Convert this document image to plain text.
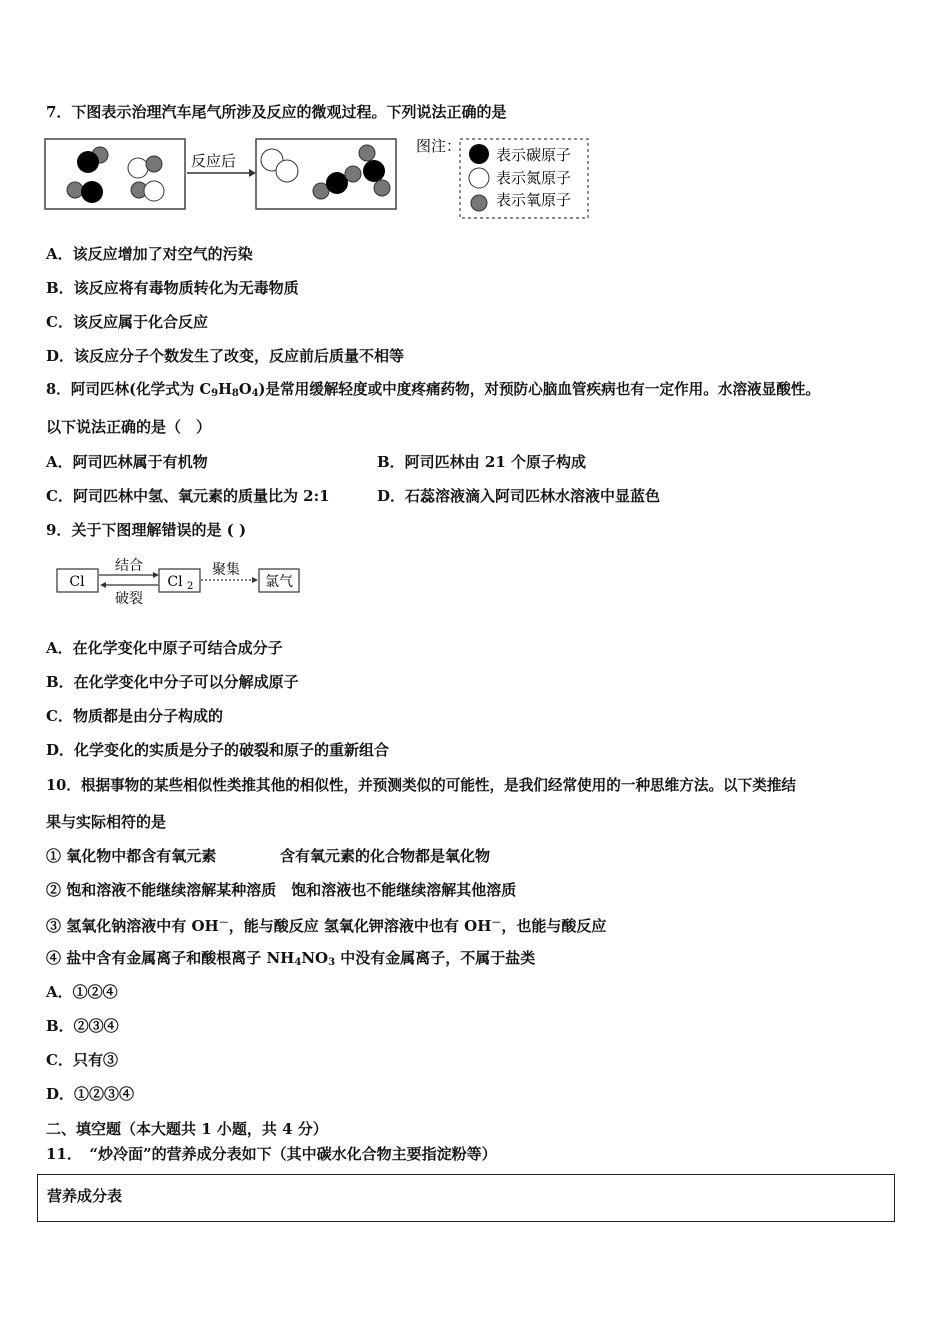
7．下图表示治理汽车尾气所涉及反应的微观过程。下列说法正确的是
反应后
图注： 表示碳原子
表示氮原子
表示氧原子
A．该反应增加了对空气的污染
B．该反应将有毒物质转化为无毒物质
C．该反应属于化合反应
D．该反应分子个数发生了改变，反应前后质量不相等
8．阿司匹林(化学式为 $C_9H_8O_4$)是常用缓解轻度或中度疼痛药物，对预防心脑血管疾病也有一定作用。水溶液显酸性。
以下说法正确的是（　）
A．阿司匹林属于有机物	B．阿司匹林由 21 个原子构成
C．阿司匹林中氢、氧元素的质量比为 2:1	D．石蕊溶液滴入阿司匹林水溶液中显蓝色
9．关于下图理解错误的是 ( )
Cl
结合
破裂
Cl 2
聚集
氯气
A．在化学变化中原子可结合成分子
B．在化学变化中分子可以分解成原子
C．物质都是由分子构成的
D．化学变化的实质是分子的破裂和原子的重新组合
10．根据事物的某些相似性类推其他的相似性，并预测类似的可能性，是我们经常使用的一种思维方法。以下类推结
果与实际相符的是
① 氧化物中都含有氧元素	含有氧元素的化合物都是氧化物
② 饱和溶液不能继续溶解某种溶质　饱和溶液也不能继续溶解其他溶质
③ 氢氧化钠溶液中有 OH－，能与酸反应 氢氧化钾溶液中也有 OH－，也能与酸反应
④ 盐中含有金属离子和酸根离子 $NH_4NO_3$ 中没有金属离子，不属于盐类
A．①②④
B．②③④
C．只有③
D．①②③④
二、填空题（本大题共 1 小题，共 4 分）
11．　“炒冷面”的营养成分表如下（其中碳水化合物主要指淀粉等）
营养成分表
